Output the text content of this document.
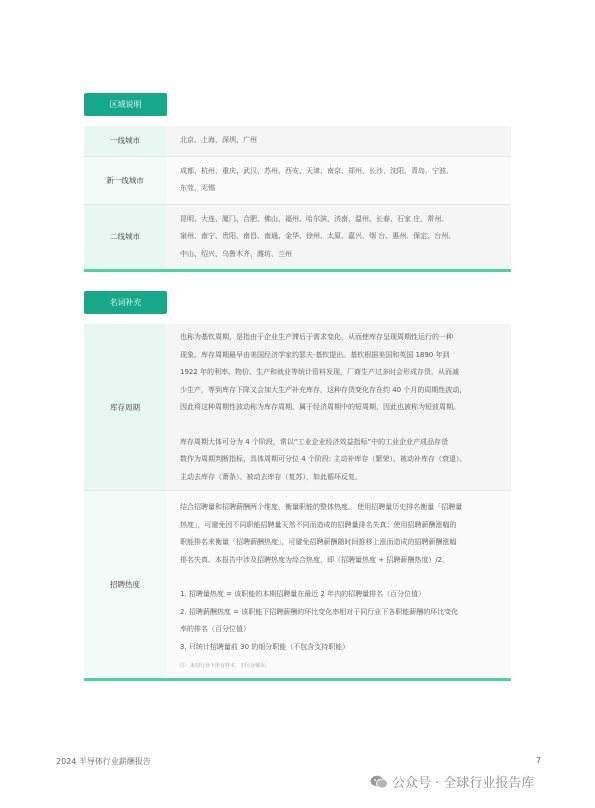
区域说明
一线城市	北京、上海、深圳、广州
新一线城市
成都、杭州、重庆、武汉、苏州、西安、天津、南京、郑州、长沙、沈阳、青岛、宁波、
东莞、无锡
二线城市
昆明、大连、厦门、合肥、佛山、福州、哈尔滨、济南、温州、长春、石家 庄、常州、
泉州、南宁、贵阳、南昌、南通、金华、徐州、太原、嘉兴、烟 台、惠州、保定、台州、
中山、绍兴、乌鲁木齐、潍坊、兰州
名词补充
库存周期
也称为基钦周期，是指由于企业生产滞后于需求变化，从而使库存呈现周期性运行的一种
现象。库存周期最早由美国经济学家约瑟夫·基钦提出。基钦根据美国和英国 1890 年到
1922 年的利率、物价、生产和就业等统计资料发现，厂商生产过多时会形成存货，从而减
少生产，等到库存下降又会加大生产补充库存，这种存货变化存在约 40 个月的周期性波动，
因此将这种周期性波动称为库存周期，属于经济周期中的短周期，因此也被称为短波周期。
库存周期大体可分为 4 个阶段，常以“工业企业经济效益指标”中的工业企业产成品存货
数作为周期判断指标，具体周期可分位 4 个阶段: 主动补库存（繁荣）、被动补库存（衰退）、
主动去库存（萧条）、被动去库存（复苏），如此循环反复。
招聘热度
结合招聘量和招聘薪酬两个维度，衡量职能的整体热度。 使用招聘量历史排名衡量「招聘量
热度」，可避免因不同职能招聘量天然不同而造成的招聘量排名失真；使用招聘薪酬涨幅的
职能排名来衡量「招聘薪酬热度」，可避免招聘薪酬随时间推移上涨而造成的招聘薪酬涨幅
排名失真。本报告中涉及招聘热度为综合热度，即（招聘量热度 + 招聘薪酬热度）/2。
1. 招聘量热度 = 该职能的本期招聘量在最近 2 年内的招聘量排名（百分位值）
2. 招聘薪酬热度 = 该职能下招聘薪酬的环比变化率相对于同行业下各职能薪酬的环比变化
率的排名（百分位值）
3. 只统计招聘量前 30 的细分职能（不包含支持职能）
注：未周行业下所有样本，不区分城市。
2024 半导体行业薪酬报告	7
公众号 · 全球行业报告库
